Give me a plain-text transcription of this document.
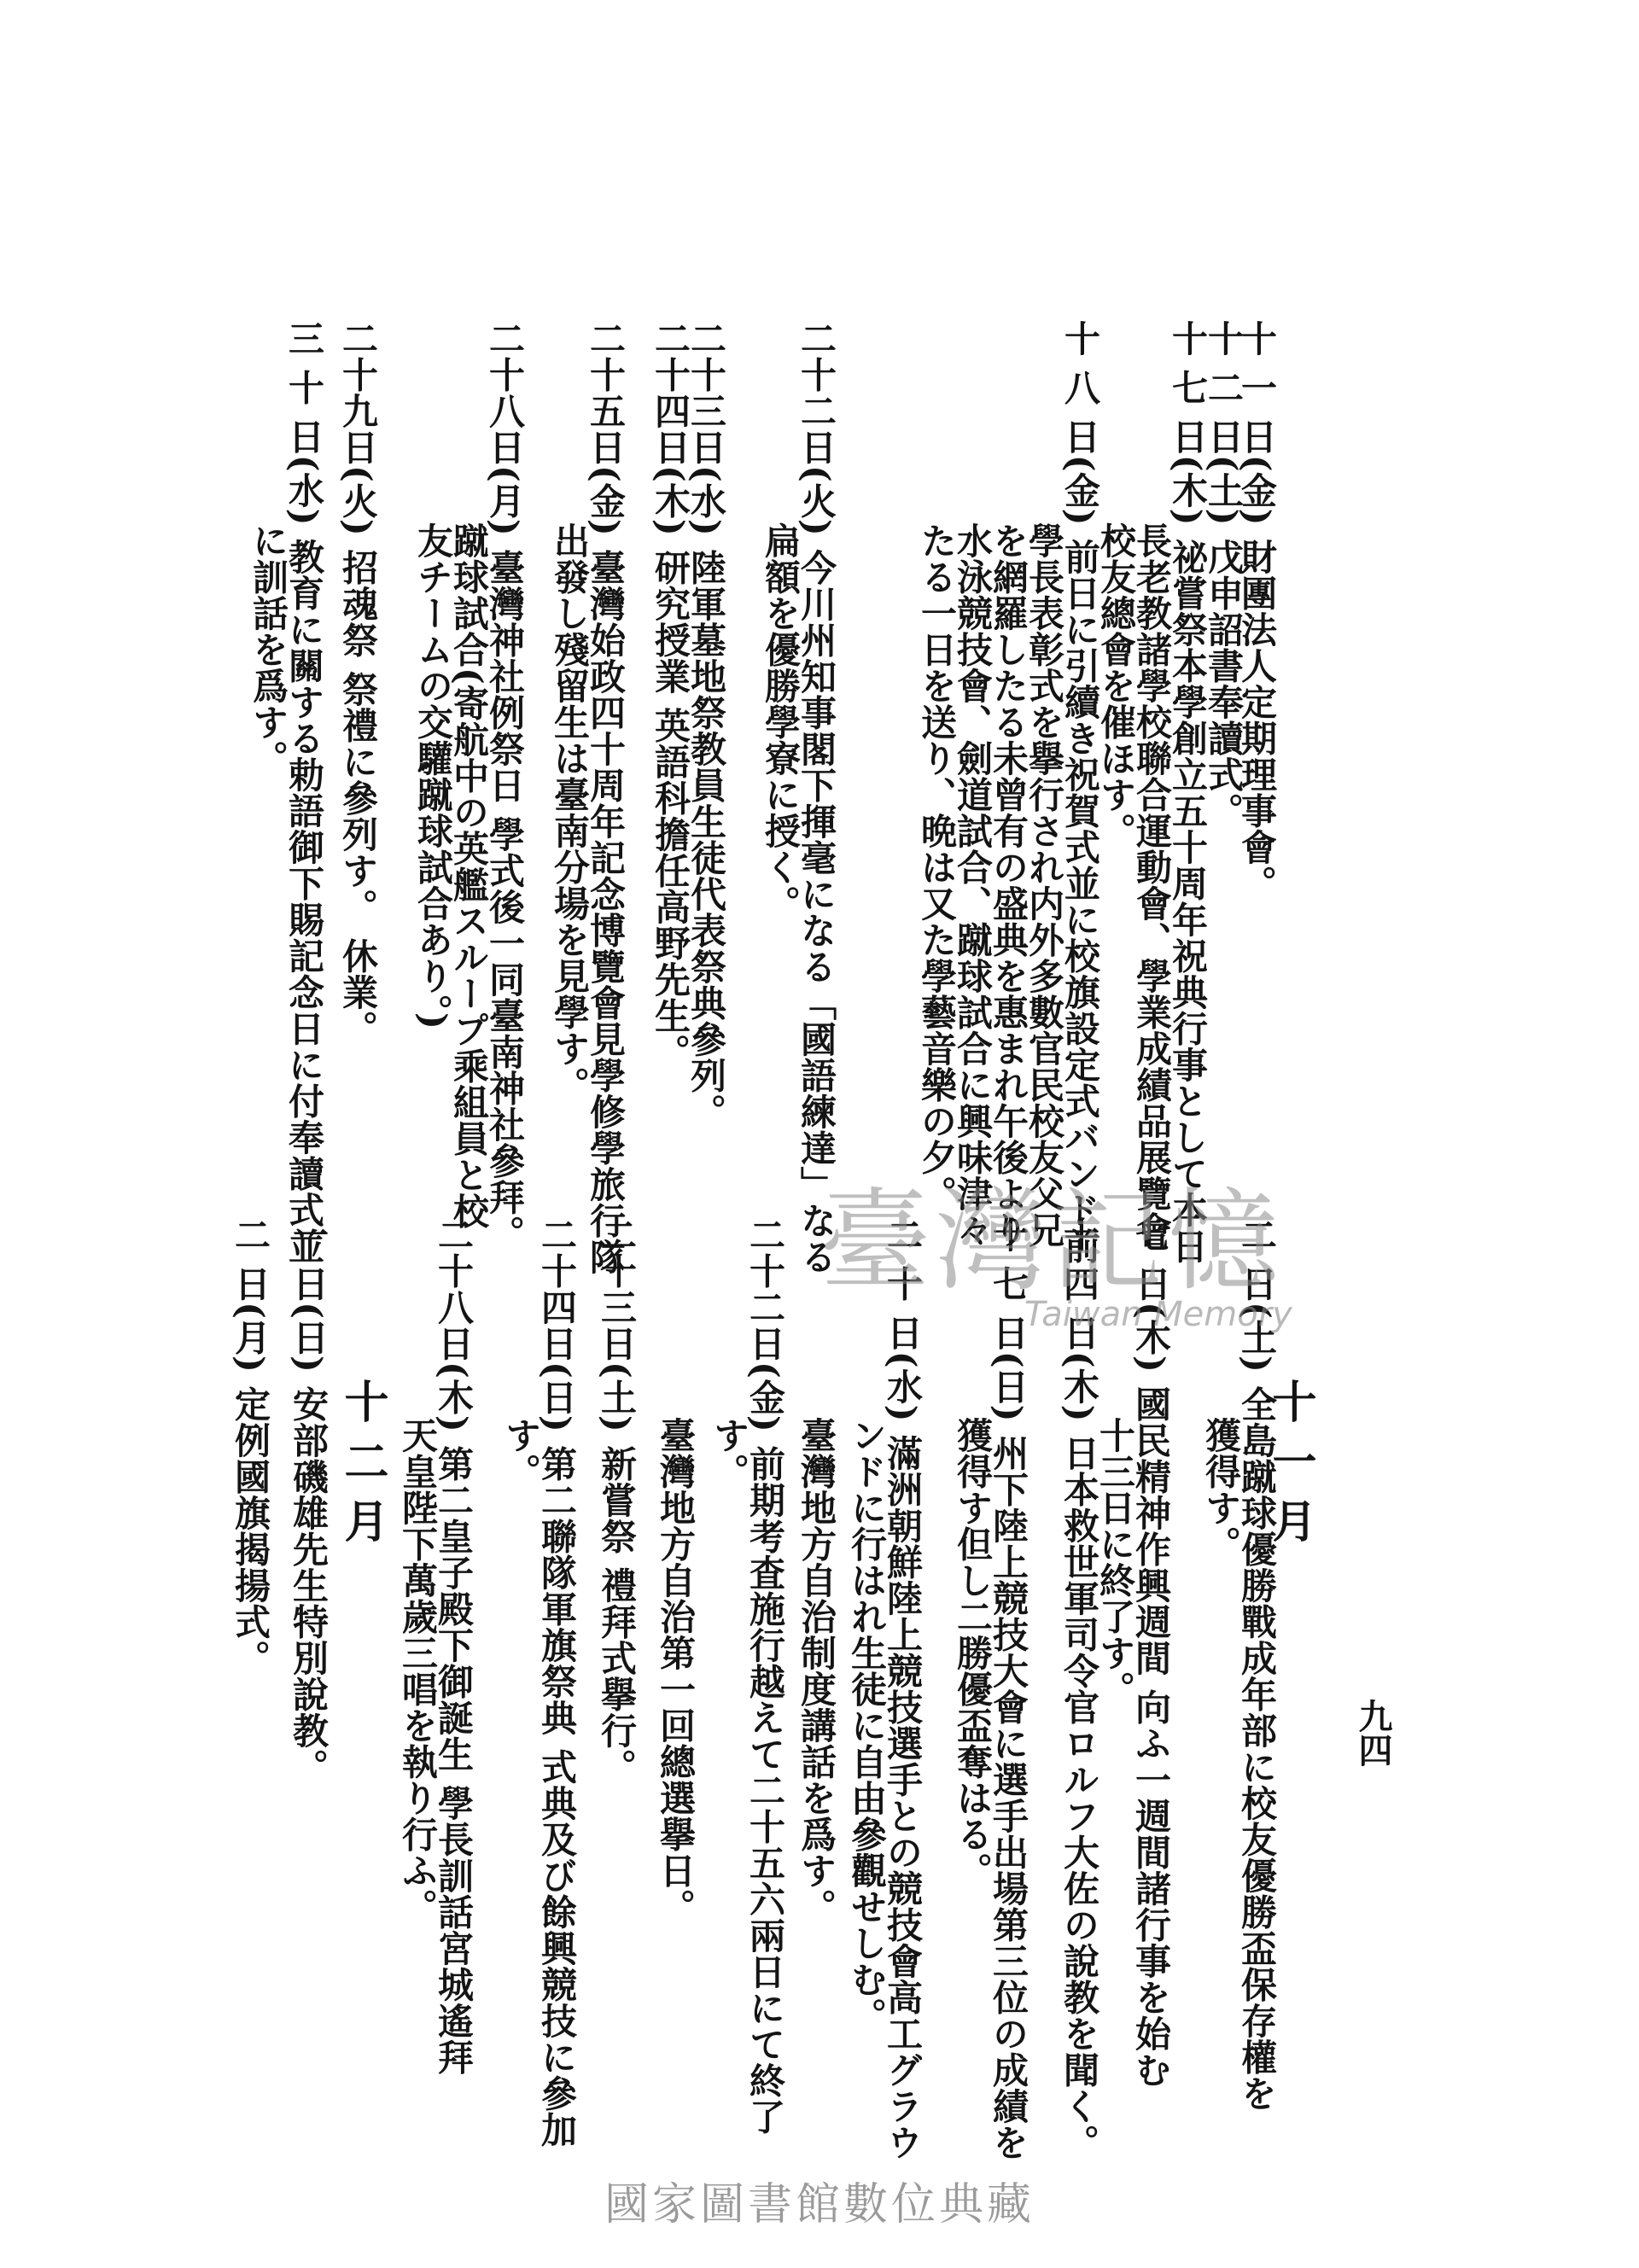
九四
十 一 日(金) 財團法人定期理事會。
十 二 日(土) 戊申詔書奉讀式。
十 七 日(木) 祕嘗祭本學創立五十周年祝典行事として本日
長老教諸學校聯合運動會、學業成績品展覽會
校友總會を催ほす。
十 八 日(金) 前日に引續き祝賀式並に校旗設定式バンド前
學長表彰式を擧行され内外多數官民校友父兄
を網羅したる未曾有の盛典を惠まれ午後より
水泳競技會、劍道試合、蹴球試合に興味津々
たる一日を送り、晩は又た學藝音樂の夕。
二十二日(火) 今川州知事閣下揮毫になる「國語練達」なる
扁額を優勝學寮に授く。
二十三日(水) 陸軍墓地祭教員生徒代表祭典參列。
二十四日(木) 研究授業 英語科擔任高野先生。
二十五日(金) 臺灣始政四十周年記念博覽會見學修學旅行隊
出發し殘留生は臺南分場を見學す。
二十八日(月) 臺灣神社例祭日 學式後一同臺南神社參拜。
蹴球試合(寄航中の英艦スループ乘組員と校
友チームの交驩蹴球試合あり。)
二十九日(火) 招魂祭 祭禮に參列す。 休業。
三 十 日(水) 教育に關する勅語御下賜記念日に付奉讀式並
に訓話を爲す。
十一月
二 日(土) 全島蹴球優勝戰成年部に校友優勝盃保存權を
獲得す。
七 日(木) 國民精神作興週間 向ふ一週間諸行事を始む
十三日に終了す。
十 四 日(木) 日本救世軍司令官ロルフ大佐の說教を聞く。
十 七 日(日) 州下陸上競技大會に選手出場第三位の成績を
獲得す但し二勝優盃奪はる。
二 十 日(水) 滿洲朝鮮陸上競技選手との競技會高工グラウ
ンドに行はれ生徒に自由參觀せしむ。
臺灣地方自治制度講話を爲す。
二十二日(金) 前期考査施行越えて二十五六兩日にて終了
す。
臺灣地方自治第一回總選擧日。
二十三日(土) 新嘗祭 禮拜式擧行。
二十四日(日) 第二聯隊軍旗祭典 式典及び餘興競技に參加
す。
二十八日(木) 第二皇子殿下御誕生 學長訓話宮城遙拜
天皇陛下萬歲三唱を執り行ふ。
十二月
一 日(日) 安部磯雄先生特別說教。
二 日(月) 定例國旗揭揚式。	臺灣記憶
Taiwan Memory
國家圖書館數位典藏
